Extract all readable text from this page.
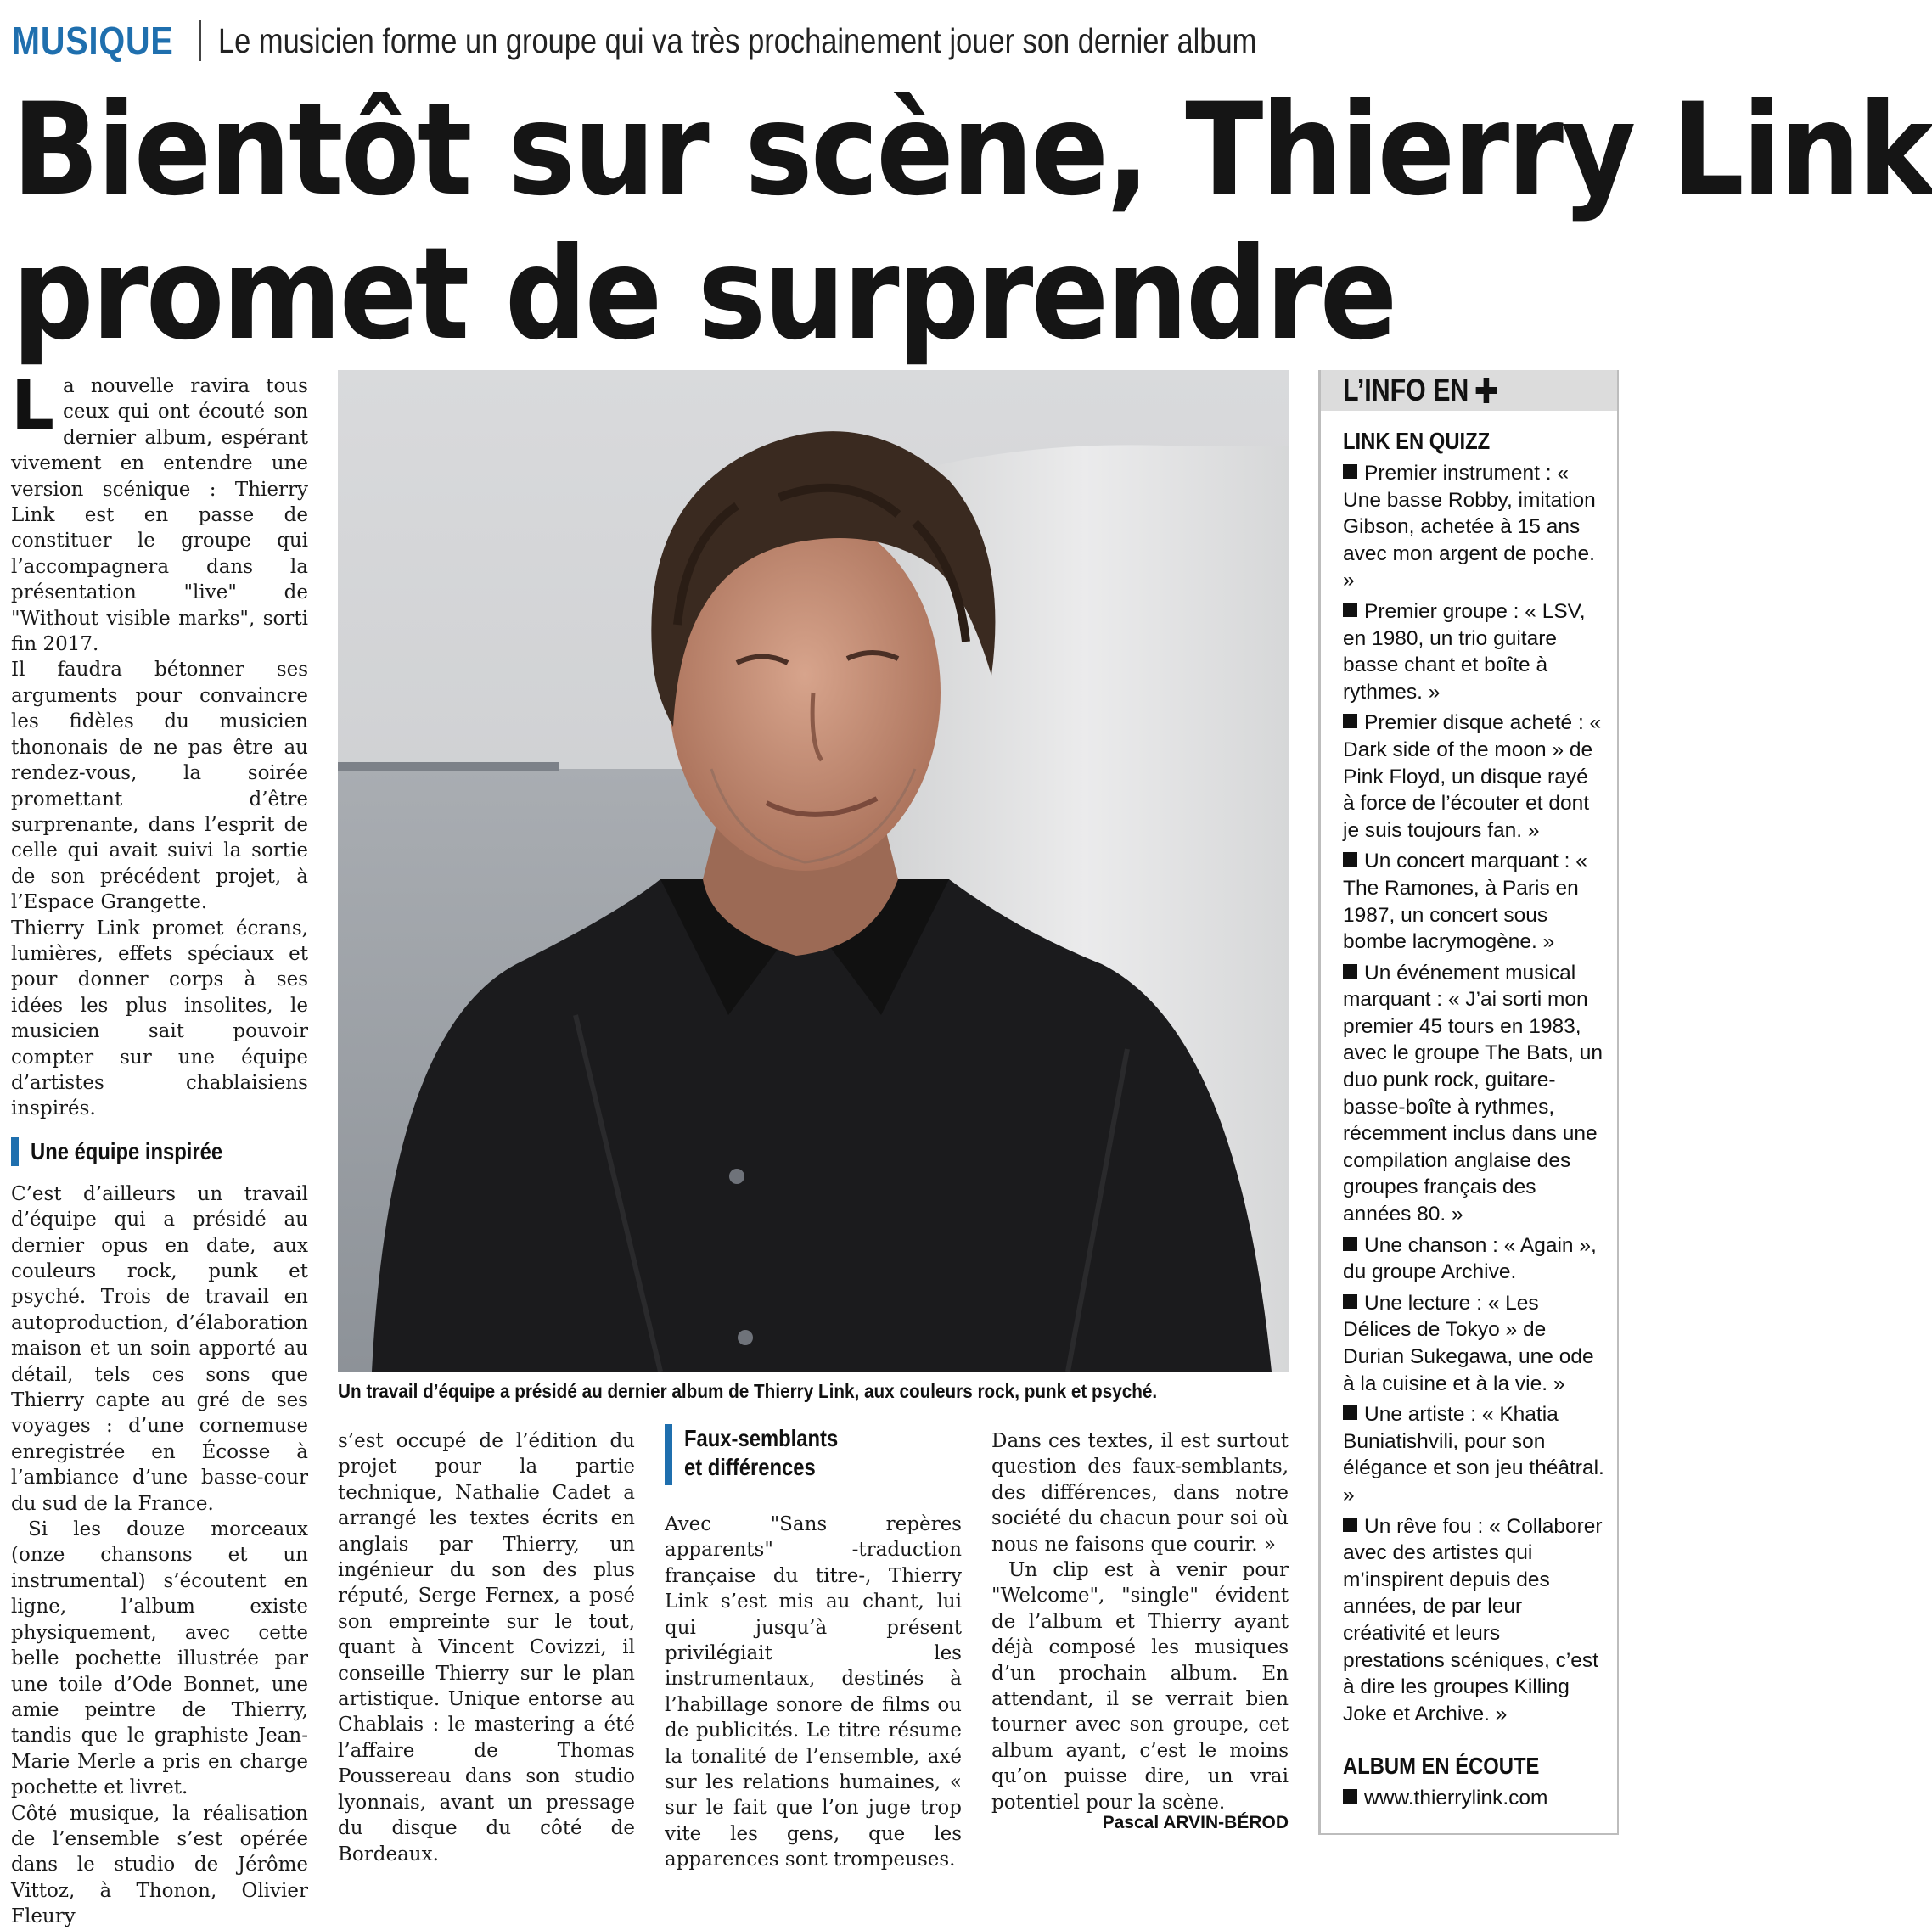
MUSIQUE Le musicien forme un groupe qui va très prochainement jouer son dernier album
Bientôt sur scène, Thierry Link
promet de surprendre

La nouvelle ravira tous ceux qui ont écouté son dernier album, espérant vivement en entendre une version scénique : Thierry Link est en passe de constituer le groupe qui l’accompagnera dans la présentation "live" de "Without visible marks", sorti fin 2017.

Il faudra bétonner ses arguments pour convaincre les fidèles du musicien thononais de ne pas être au rendez-vous, la soirée promettant d’être surprenante, dans l’esprit de celle qui avait suivi la sortie de son précédent projet, à l’Espace Grangette.

Thierry Link promet écrans, lumières, effets spéciaux et pour donner corps à ses idées les plus insolites, le musicien sait pouvoir compter sur une équipe d’artistes chablaisiens inspirés.

Une équipe inspirée

C’est d’ailleurs un travail d’équipe qui a présidé au dernier opus en date, aux couleurs rock, punk et psyché. Trois de travail en autoproduction, d’élaboration maison et un soin apporté au détail, tels ces sons que Thierry capte au gré de ses voyages : d’une cornemuse enregistrée en Écosse à l’ambiance d’une basse-cour du sud de la France.

Si les douze morceaux (onze chansons et un instrumental) s’écoutent en ligne, l’album existe physiquement, avec cette belle pochette illustrée par une toile d’Ode Bonnet, une amie peintre de Thierry, tandis que le graphiste Jean-Marie Merle a pris en charge pochette et livret.

Côté musique, la réalisation de l’ensemble s’est opérée dans le studio de Jérôme Vittoz, à Thonon, Olivier Fleury

Un travail d’équipe a présidé au dernier album de Thierry Link, aux couleurs rock, punk et psyché.

s’est occupé de l’édition du projet pour la partie technique, Nathalie Cadet a arrangé les textes écrits en anglais par Thierry, un ingénieur du son des plus réputé, Serge Fernex, a posé son empreinte sur le tout, quant à Vincent Covizzi, il conseille Thierry sur le plan artistique. Unique entorse au Chablais : le mastering a été l’affaire de Thomas Poussereau dans son studio lyonnais, avant un pressage du disque du côté de Bordeaux.

Faux-semblants
et différences

Avec "Sans repères apparents" -traduction française du titre-, Thierry Link s’est mis au chant, lui qui jusqu’à présent privilégiait les instrumentaux, destinés à l’habillage sonore de films ou de publicités. Le titre résume la tonalité de l’ensemble, axé sur les relations humaines, « sur le fait que l’on juge trop vite les gens, que les apparences sont trompeuses.

Dans ces textes, il est surtout question des faux-semblants, des différences, dans notre société du chacun pour soi où nous ne faisons que courir. »

Un clip est à venir pour "Welcome", "single" évident de l’album et Thierry ayant déjà composé les musiques d’un prochain album. En attendant, il se verrait bien tourner avec son groupe, cet album ayant, c’est le moins qu’on puisse dire, un vrai potentiel pour la scène.

Pascal ARVIN-BÉROD
L’INFO EN
LINK EN QUIZZ
Premier instrument : « Une basse Robby, imitation Gibson, achetée à 15 ans avec mon argent de poche. »
Premier groupe : « LSV, en 1980, un trio guitare basse chant et boîte à rythmes. »
Premier disque acheté : « Dark side of the moon » de Pink Floyd, un disque rayé à force de l’écouter et dont je suis toujours fan. »
Un concert marquant : « The Ramones, à Paris en 1987, un concert sous bombe lacrymogène. »
Un événement musical marquant : « J’ai sorti mon premier 45 tours en 1983, avec le groupe The Bats, un duo punk rock, guitare-basse-boîte à rythmes, récemment inclus dans une compilation anglaise des groupes français des années 80. »
Une chanson : « Again », du groupe Archive.
Une lecture : « Les Délices de Tokyo » de Durian Sukegawa, une ode à la cuisine et à la vie. »
Une artiste : « Khatia Buniatishvili, pour son élégance et son jeu théâtral. »
Un rêve fou : « Collaborer avec des artistes qui m’inspirent depuis des années, de par leur créativité et leurs prestations scéniques, c’est à dire les groupes Killing Joke et Archive. »
ALBUM EN ÉCOUTE
www.thierrylink.com
